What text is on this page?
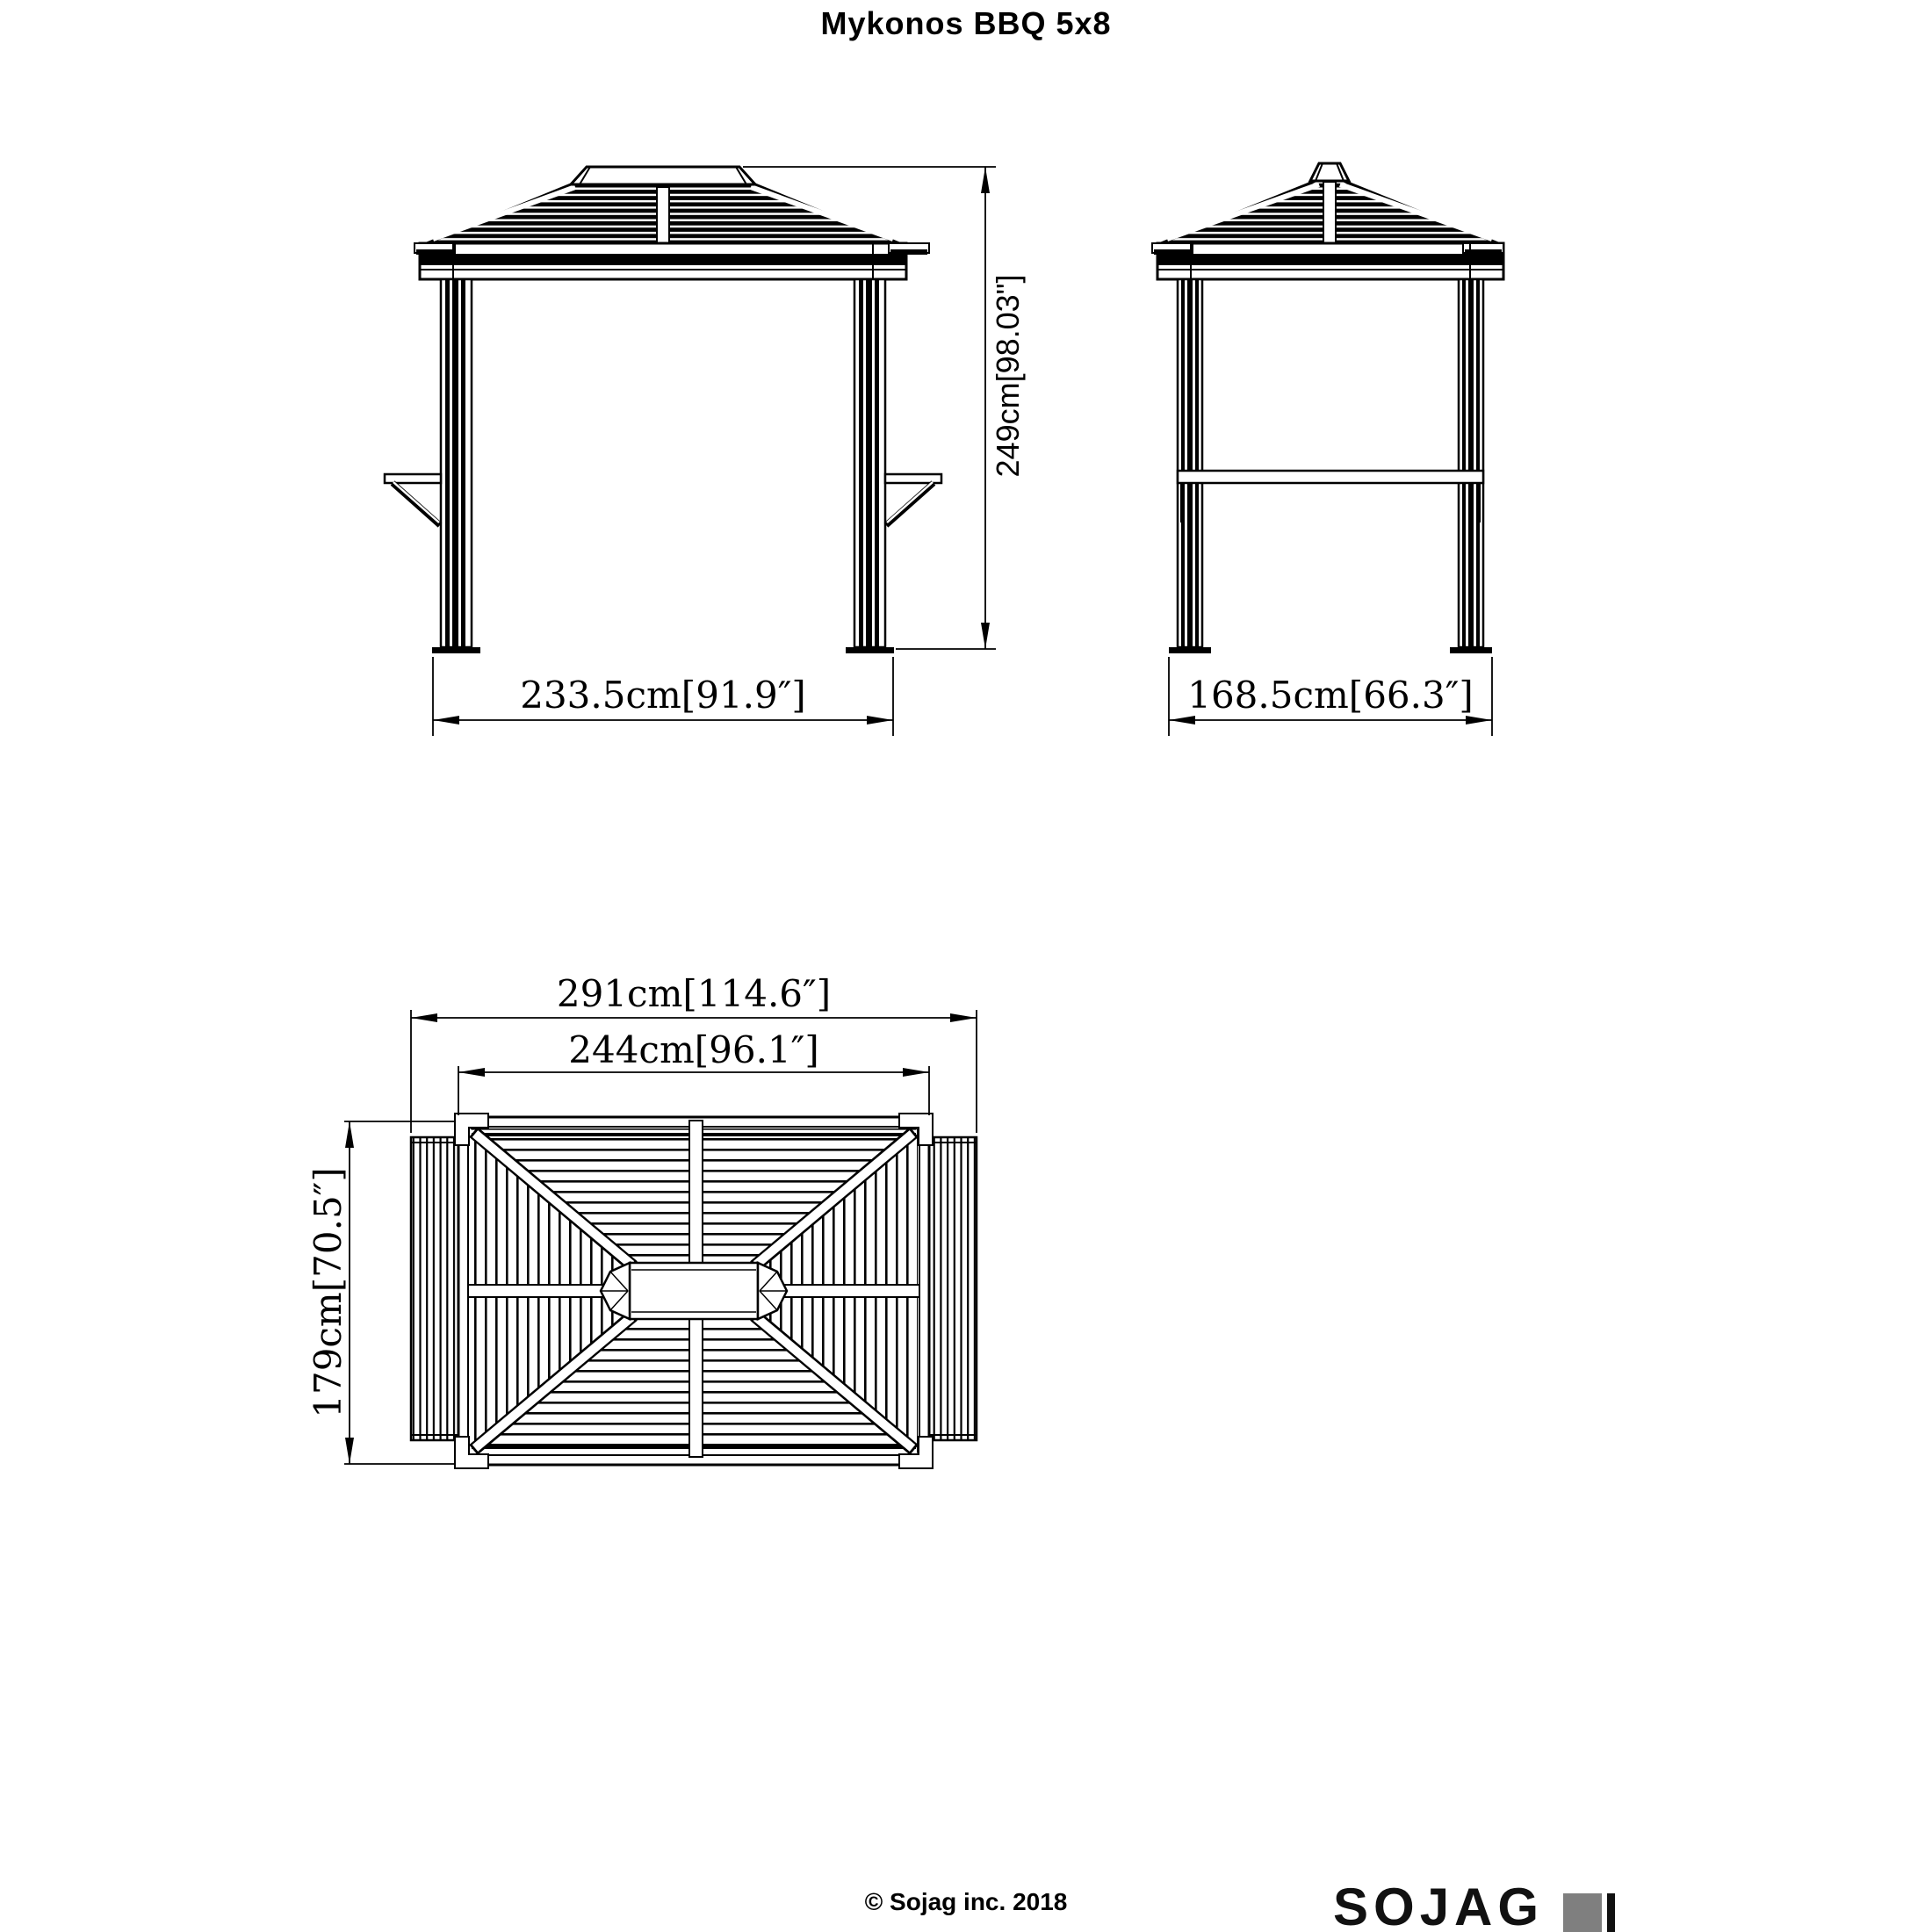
Mykonos BBQ 5x8
233.5cm[91.9″]
249cm[98.03"]
168.5cm[66.3″]
291cm[114.6″]
244cm[96.1″]
179cm[70.5″]
© Sojag inc. 2018	SOJAG
